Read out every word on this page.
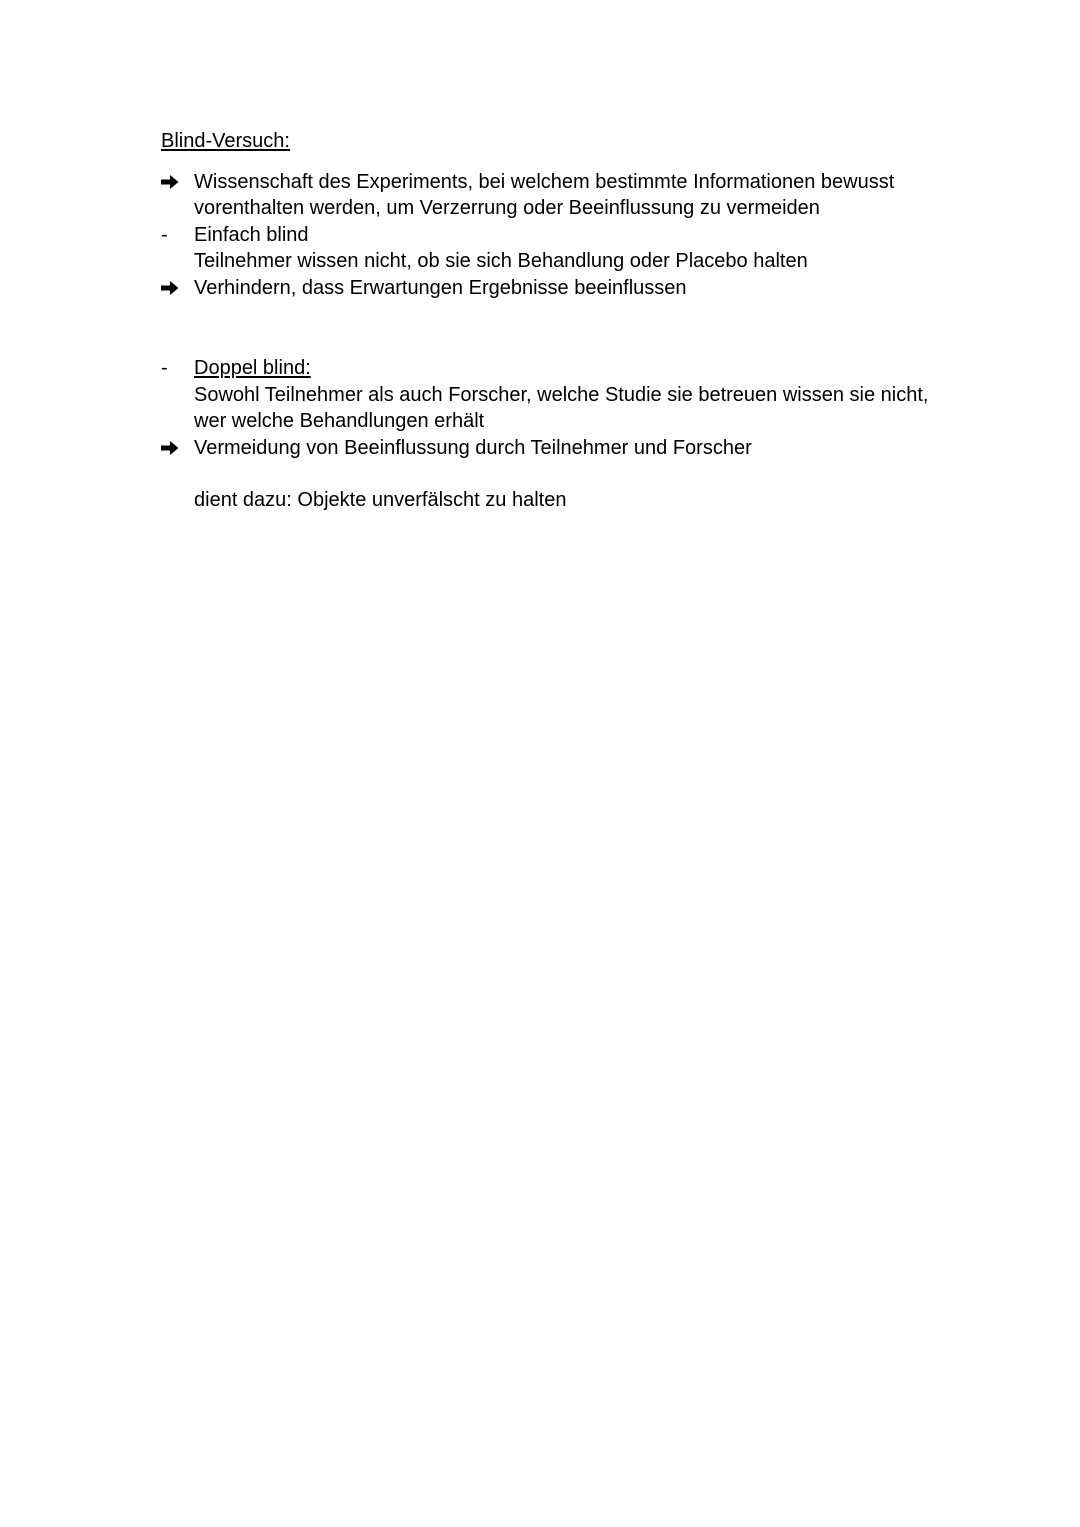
Blind-Versuch:
Wissenschaft des Experiments, bei welchem bestimmte Informationen bewusst
vorenthalten werden, um Verzerrung oder Beeinflussung zu vermeiden
-	Einfach blind
Teilnehmer wissen nicht, ob sie sich Behandlung oder Placebo halten
Verhindern, dass Erwartungen Ergebnisse beeinflussen
-	Doppel blind:
Sowohl Teilnehmer als auch Forscher, welche Studie sie betreuen wissen sie nicht,
wer welche Behandlungen erhält
Vermeidung von Beeinflussung durch Teilnehmer und Forscher
dient dazu: Objekte unverfälscht zu halten
